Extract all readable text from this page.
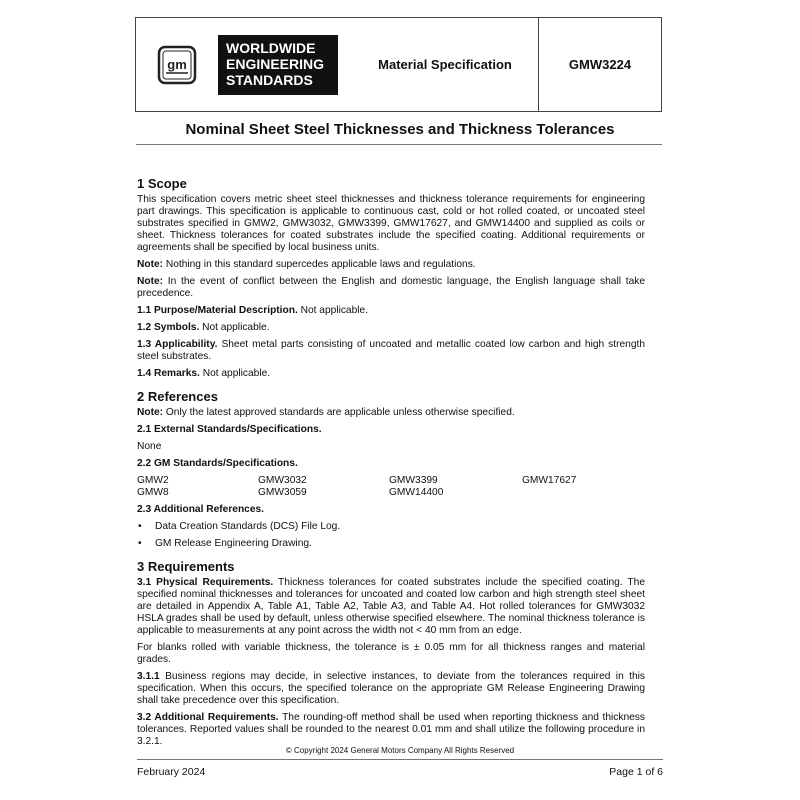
gm
WORLDWIDE
ENGINEERING
STANDARDS
Material Specification	GMW3224
Nominal Sheet Steel Thicknesses and Thickness Tolerances
1 Scope

This specification covers metric sheet steel thicknesses and thickness tolerance requirements for engineering part drawings. This specification is applicable to continuous cast, cold or hot rolled coated, or uncoated steel substrates specified in GMW2, GMW3032, GMW3399, GMW17627, and GMW14400 and supplied as coils or sheet. Thickness tolerances for coated substrates include the specified coating. Additional requirements or agreements shall be specified by local business units.

Note: Nothing in this standard supercedes applicable laws and regulations.

Note: In the event of conflict between the English and domestic language, the English language shall take precedence.

1.1 Purpose/Material Description. Not applicable.

1.2 Symbols. Not applicable.

1.3 Applicability. Sheet metal parts consisting of uncoated and metallic coated low carbon and high strength steel substrates.

1.4 Remarks. Not applicable.

2 References

Note: Only the latest approved standards are applicable unless otherwise specified.

2.1 External Standards/Specifications.

None

2.2 GM Standards/Specifications.

GMW2	GMW3032	GMW3399	GMW17627
GMW8	GMW3059	GMW14400

2.3 Additional References.

• Data Creation Standards (DCS) File Log.
• GM Release Engineering Drawing.
3 Requirements

3.1 Physical Requirements. Thickness tolerances for coated substrates include the specified coating. The specified nominal thicknesses and tolerances for uncoated and coated low carbon and high strength steel sheet are detailed in Appendix A, Table A1, Table A2, Table A3, and Table A4. Hot rolled tolerances for GMW3032 HSLA grades shall be used by default, unless otherwise specified elsewhere. The nominal thickness tolerance is applicable to measurements at any point across the width not < 40 mm from an edge.

For blanks rolled with variable thickness, the tolerance is ± 0.05 mm for all thickness ranges and material grades.

3.1.1 Business regions may decide, in selective instances, to deviate from the tolerances required in this specification. When this occurs, the specified tolerance on the appropriate GM Release Engineering Drawing shall take precedence over this specification.

3.2 Additional Requirements. The rounding-off method shall be used when reporting thickness and thickness tolerances. Reported values shall be rounded to the nearest 0.01 mm and shall utilize the following procedure in 3.2.1.

© Copyright 2024 General Motors Company All Rights Reserved
February 2024	Page 1 of 6
